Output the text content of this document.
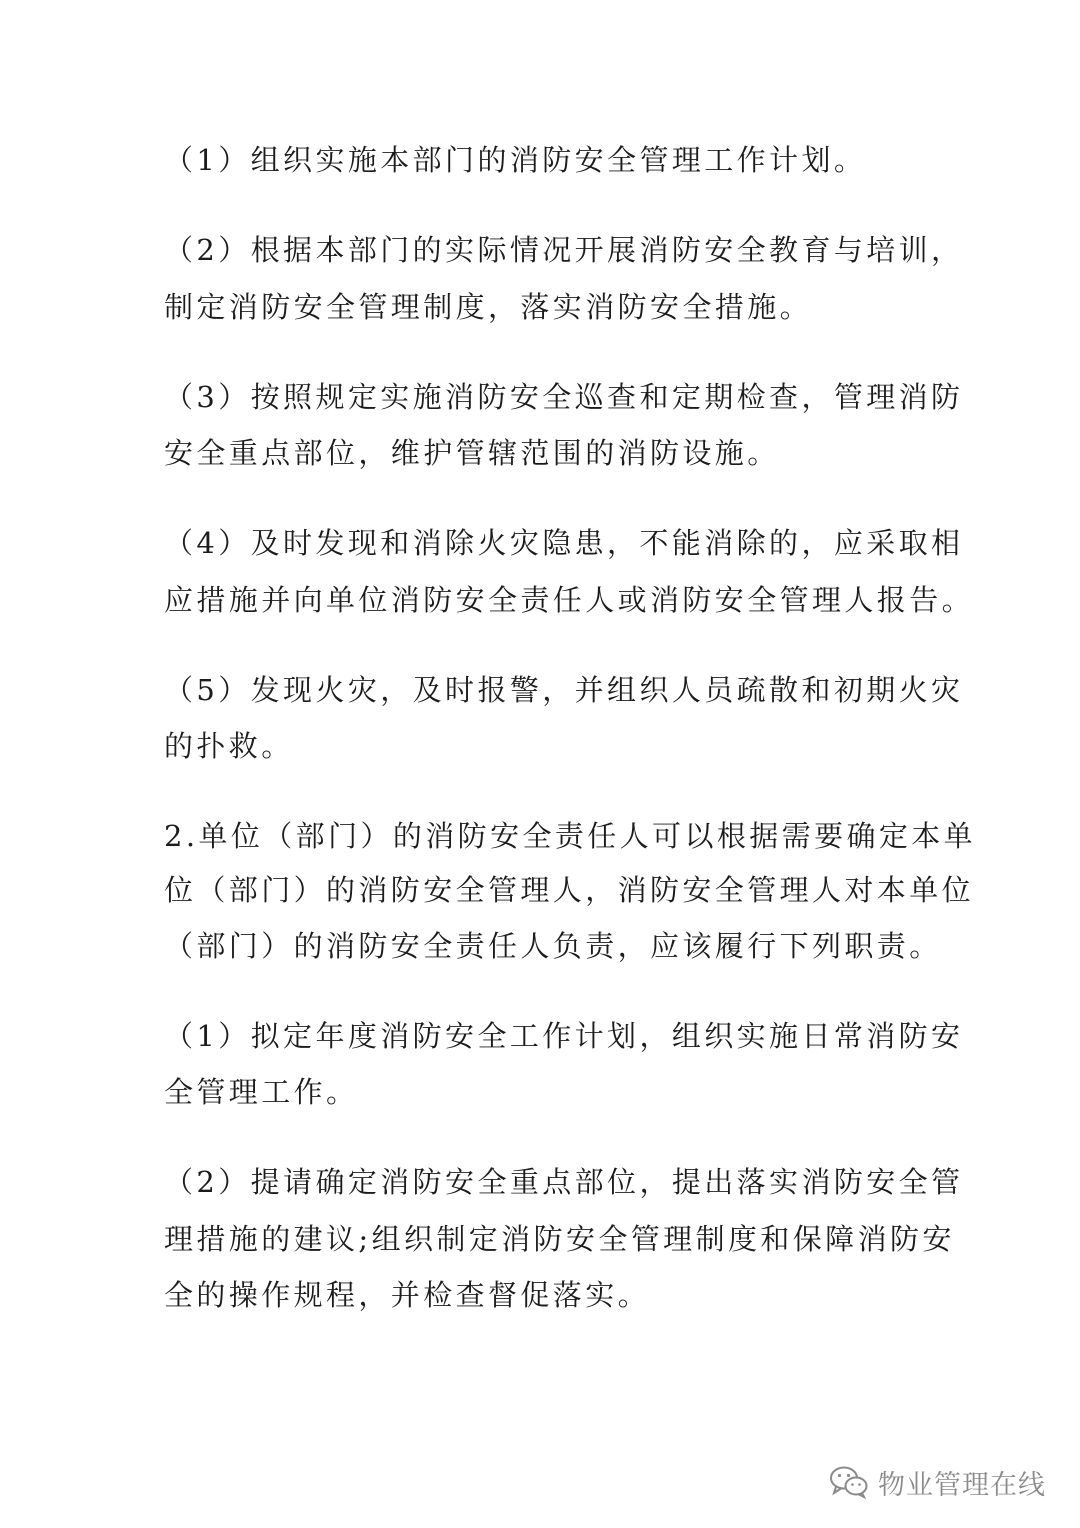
（1）组织实施本部门的消防安全管理工作计划。
（2）根据本部门的实际情况开展消防安全教育与培训，
制定消防安全管理制度，落实消防安全措施。
（3）按照规定实施消防安全巡查和定期检查，管理消防
安全重点部位，维护管辖范围的消防设施。
（4）及时发现和消除火灾隐患，不能消除的，应采取相
应措施并向单位消防安全责任人或消防安全管理人报告。
（5）发现火灾，及时报警，并组织人员疏散和初期火灾
的扑救。
2.单位（部门）的消防安全责任人可以根据需要确定本单
位（部门）的消防安全管理人，消防安全管理人对本单位
（部门）的消防安全责任人负责，应该履行下列职责。
（1）拟定年度消防安全工作计划，组织实施日常消防安
全管理工作。
（2）提请确定消防安全重点部位，提出落实消防安全管
理措施的建议;组织制定消防安全管理制度和保障消防安
全的操作规程，并检查督促落实。
物业管理在线
